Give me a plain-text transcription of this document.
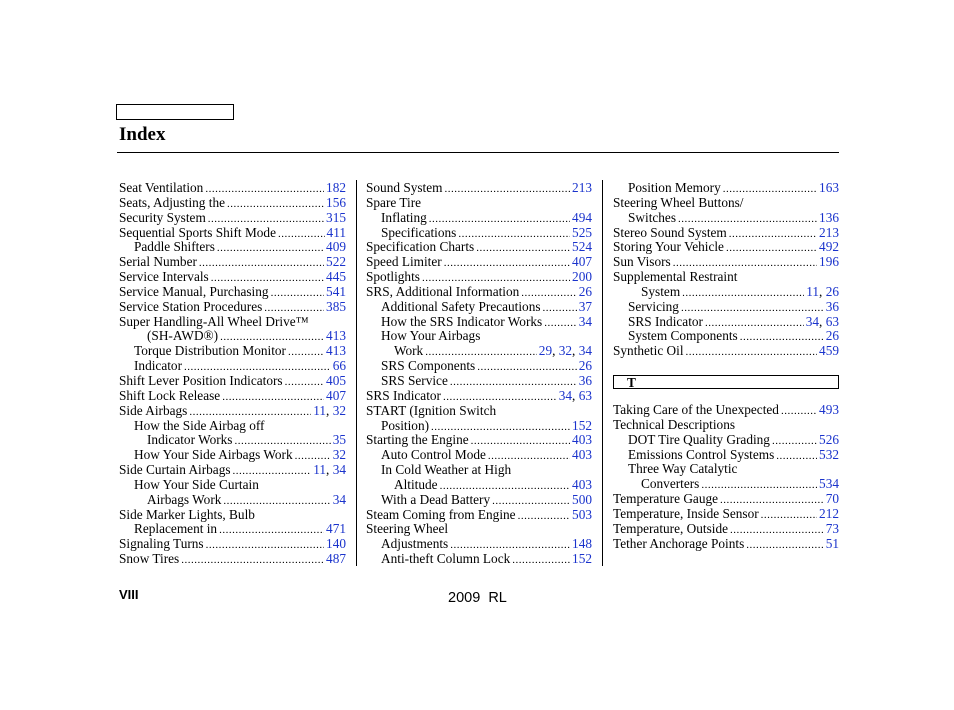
Index
Seat Ventilation .....	182
Seats, Adjusting the .....	156
Security System .....	315
Sequential Sports Shift Mode .....	411
Paddle Shifters .....	409
Serial Number .....	522
Service Intervals .....	445
Service Manual, Purchasing .....	541
Service Station Procedures .....	385
Super Handling-All Wheel Drive™
(SH-AWD®) .....	413
Torque Distribution Monitor .....	413
Indicator .....	66
Shift Lever Position Indicators .....	405
Shift Lock Release .....	407
Side Airbags .....	11, 32
How the Side Airbag off
Indicator Works .....	35
How Your Side Airbags Work .....	32
Side Curtain Airbags .....	11, 34
How Your Side Curtain
Airbags Work .....	34
Side Marker Lights, Bulb
Replacement in .....	471
Signaling Turns .....	140
Snow Tires .....	487
Sound System .....	213
Spare Tire
Inflating .....	494
Specifications .....	525
Specification Charts .....	524
Speed Limiter .....	407
Spotlights .....	200
SRS, Additional Information .....	26
Additional Safety Precautions .....	37
How the SRS Indicator Works .....	34
How Your Airbags
Work .....	29, 32, 34
SRS Components .....	26
SRS Service .....	36
SRS Indicator .....	34, 63
START (Ignition Switch
Position) .....	152
Starting the Engine .....	403
Auto Control Mode .....	403
In Cold Weather at High
Altitude .....	403
With a Dead Battery .....	500
Steam Coming from Engine .....	503
Steering Wheel
Adjustments .....	148
Anti-theft Column Lock .....	152
Position Memory .....	163
Steering Wheel Buttons/
Switches .....	136
Stereo Sound System .....	213
Storing Your Vehicle .....	492
Sun Visors .....	196
Supplemental Restraint
System .....	11, 26
Servicing .....	36
SRS Indicator .....	34, 63
System Components .....	26
Synthetic Oil .....	459
T
Taking Care of the Unexpected .....	493
Technical Descriptions
DOT Tire Quality Grading .....	526
Emissions Control Systems .....	532
Three Way Catalytic
Converters .....	534
Temperature Gauge .....	70
Temperature, Inside Sensor .....	212
Temperature, Outside .....	73
Tether Anchorage Points .....	51
VIII	2009  RL
